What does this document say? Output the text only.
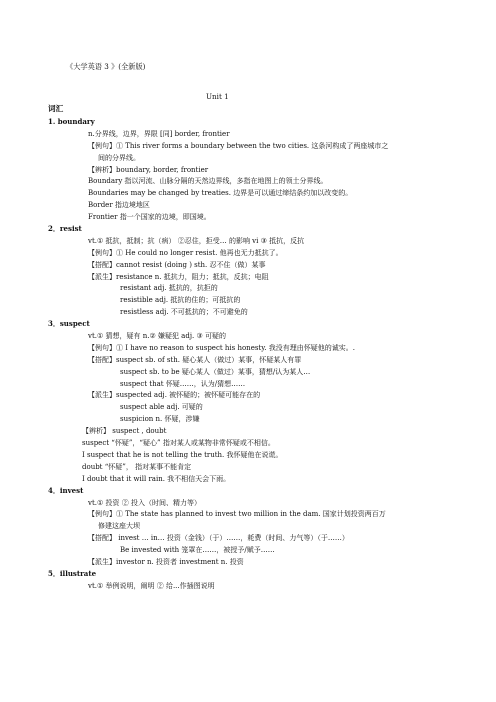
《大学英语 3 》(全新版)
Unit 1
词汇
1. boundary
n.分界线，边界，界限 [同] border, frontier
【例句】① This river forms a boundary between the two cities. 这条河构成了两座城市之
间的分界线。
【辨析】boundary, border, frontier
Boundary 指以河流、山脉分隔的天然边界线，多指在地图上的领土分界线。
Boundaries may be changed by treaties. 边界是可以通过缔结条约加以改变的。
Border 指边境地区
Frontier 指一个国家的边境，即国境。
2．resist
vt.① 抵抗，抵制；抗（病） ②忍住，拒受… 的影响 vi ③ 抵抗，反抗
【例句】① He could no longer resist. 他再也无力抵抗了。
【搭配】cannot resist (doing ) sth. 忍不住（做）某事
【派生】resistance n. 抵抗力，阻力；抵抗，反抗；电阻
resistant adj. 抵抗的，抗拒的
resistible adj. 抵抗的住的；可抵抗的
resistless adj. 不可抵抗的；不可避免的
3．suspect
vt.① 猜想，疑有 n.② 嫌疑犯 adj. ③ 可疑的
【例句】① I have no reason to suspect his honesty. 我没有理由怀疑他的诚实。.
【搭配】suspect sb. of sth. 疑心某人（做过）某事，怀疑某人有罪
suspect sb. to be 疑心某人（做过）某事，猜想/认为某人…
suspect that 怀疑……，认为/猜想……
【派生】suspected adj. 被怀疑的；被怀疑可能存在的
suspect able adj. 可疑的
suspicion n. 怀疑，涉嫌
【辨析】 suspect , doubt
suspect “怀疑”，“疑心” 指对某人或某物非常怀疑或不相信。
I suspect that he is not telling the truth. 我怀疑他在说谎。
doubt “怀疑”， 指对某事不能肯定
I doubt that it will rain. 我不相信天会下雨。
4．invest
vt.① 投资 ② 投入（时间、精力等）
【例句】① The state has planned to invest two million in the dam. 国家计划投资两百万
修建这座大坝
【搭配】 invest … in… 投资（金钱）（于）……，耗费（时间、力气等）（于……）
Be invested with 笼罩在……，被授予/赋予……
【派生】investor n. 投资者 investment n. 投资
5．illustrate
vt.① 举例说明，阐明 ② 给...作插图说明
